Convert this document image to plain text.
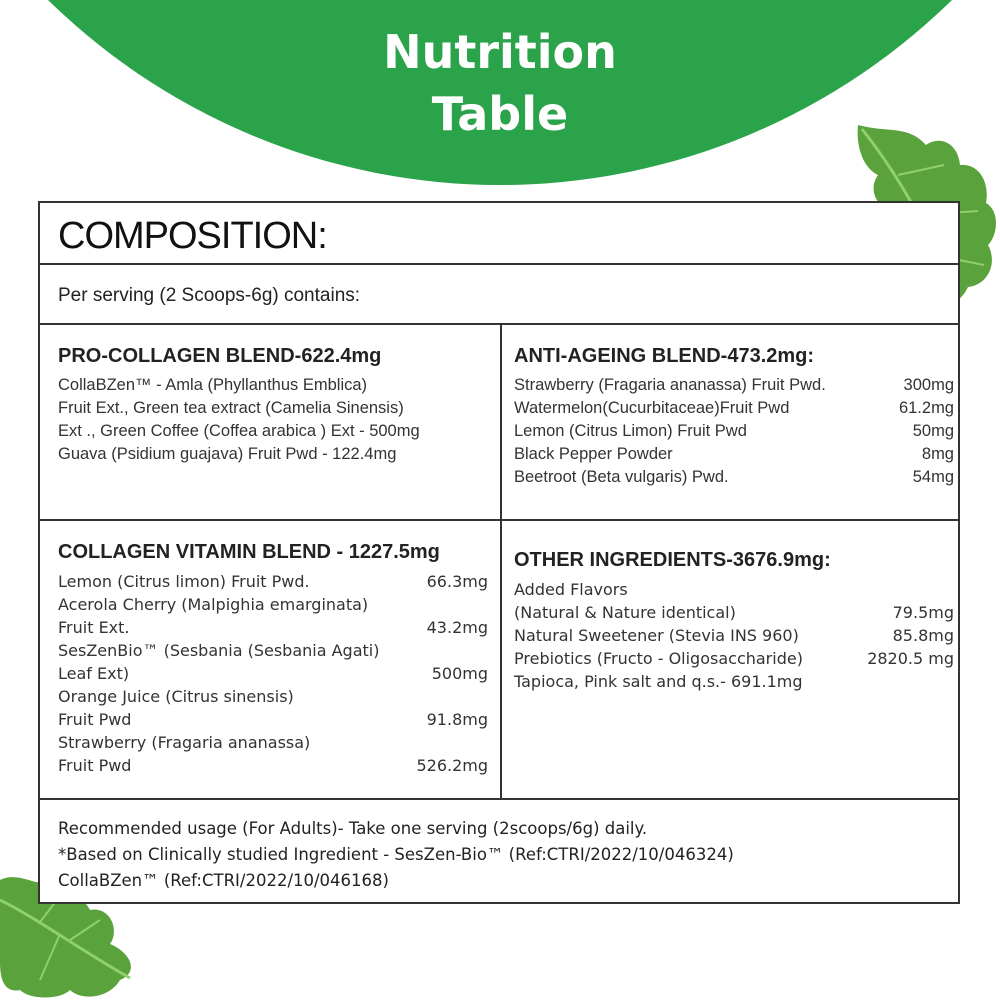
Nutrition
Table
COMPOSITION:
Per serving (2 Scoops-6g) contains:
PRO-COLLAGEN BLEND-622.4mg
CollaBZen™ - Amla (Phyllanthus Emblica)
Fruit Ext., Green tea extract (Camelia Sinensis)
Ext ., Green Coffee (Coffea arabica ) Ext - 500mg
Guava (Psidium guajava) Fruit Pwd - 122.4mg
ANTI-AGEING BLEND-473.2mg:
Strawberry (Fragaria ananassa) Fruit Pwd.	300mg
Watermelon(Cucurbitaceae)Fruit Pwd	61.2mg
Lemon (Citrus Limon) Fruit Pwd	50mg
Black Pepper Powder	8mg
Beetroot (Beta vulgaris) Pwd.	54mg
COLLAGEN VITAMIN BLEND - 1227.5mg
Lemon (Citrus limon) Fruit Pwd.	66.3mg
Acerola Cherry (Malpighia emarginata)
Fruit Ext.	43.2mg
SesZenBio™ (Sesbania (Sesbania Agati)
Leaf Ext)	500mg
Orange Juice (Citrus sinensis)
Fruit Pwd	91.8mg
Strawberry (Fragaria ananassa)
Fruit Pwd	526.2mg
OTHER INGREDIENTS-3676.9mg:
Added Flavors
(Natural & Nature identical)	79.5mg
Natural Sweetener (Stevia INS 960)	85.8mg
Prebiotics (Fructo - Oligosaccharide)	2820.5 mg
Tapioca, Pink salt and q.s.- 691.1mg
Recommended usage (For Adults)- Take one serving (2scoops/6g) daily.
*Based on Clinically studied Ingredient - SesZen-Bio™ (Ref:CTRI/2022/10/046324)
CollaBZen™ (Ref:CTRI/2022/10/046168)
